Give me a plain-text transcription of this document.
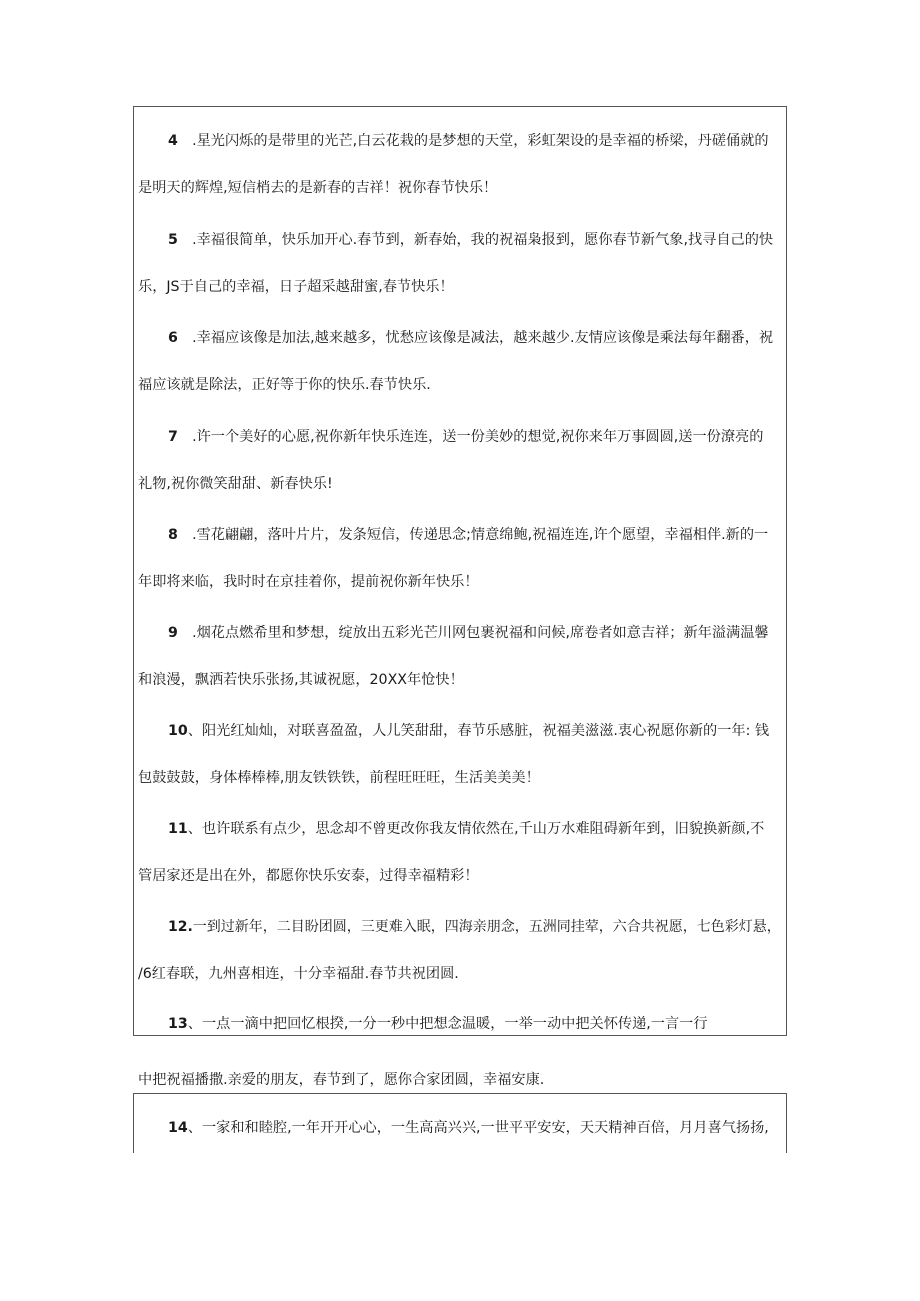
4　.星光闪烁的是带里的光芒,白云花栽的是梦想的天堂，彩虹架设的是幸福的桥梁，丹磋俑就的
是明天的辉煌,短信梢去的是新春的吉祥！祝你春节快乐！
5　.幸福很简单，快乐加开心.春节到，新春始，我的祝福枭报到，愿你春节新气象,找寻自己的快
乐，JS于自己的幸福，日子超采越甜蜜,春节快乐！
6　.幸福应该像是加法,越来越多，忧愁应该像是减法，越来越少.友情应该像是乘法每年翻番，祝
福应该就是除法，正好等于你的快乐.春节快乐.
7　.许一个美好的心愿,祝你新年快乐连连，送一份美妙的想觉,祝你来年万事圆圆,送一份潦亮的
礼物,祝你微笑甜甜、新春快乐!
8　.雪花翩翩，落叶片片，发条短信，传递思念;情意绵鲍,祝福连连,许个愿望，幸福相伴.新的一
年即将来临，我时时在京挂着你，提前祝你新年快乐！
9　.烟花点燃希里和梦想，绽放出五彩光芒川网包裹祝福和问候,席卷者如意吉祥；新年溢满温馨
和浪漫，飘洒若快乐张扬,其诚祝愿，20XX年怆快！
10、阳光红灿灿，对联喜盈盈，人儿笑甜甜，春节乐感脏，祝福美滋滋.衷心祝愿你新的一年: 钱
包鼓鼓鼓，身体棒棒棒,朋友铁铁铁，前程旺旺旺，生活美美美！
11、也许联系有点少，思念却不曾更改你我友情依然在,千山万水难阻碍新年到，旧貌换新颜,不
管居家还是出在外，都愿你快乐安泰，过得幸福精彩！
12.一到过新年，二目盼团圆，三更难入眠，四海亲朋念，五洲同挂荤，六合共祝愿，七色彩灯悬，
/6红春联，九州喜相连，十分幸福甜.春节共祝团圆.
13、一点一滴中把回忆根揆,一分一秒中把想念温暖，一举一动中把关怀传递,一言一行
中把祝福播撒.亲爱的朋友，春节到了，愿你合家团圆，幸福安康.
14、一家和和睦腔,一年开开心心，一生高高兴兴,一世平平安安，天天精神百倍，月月喜气扬扬,
